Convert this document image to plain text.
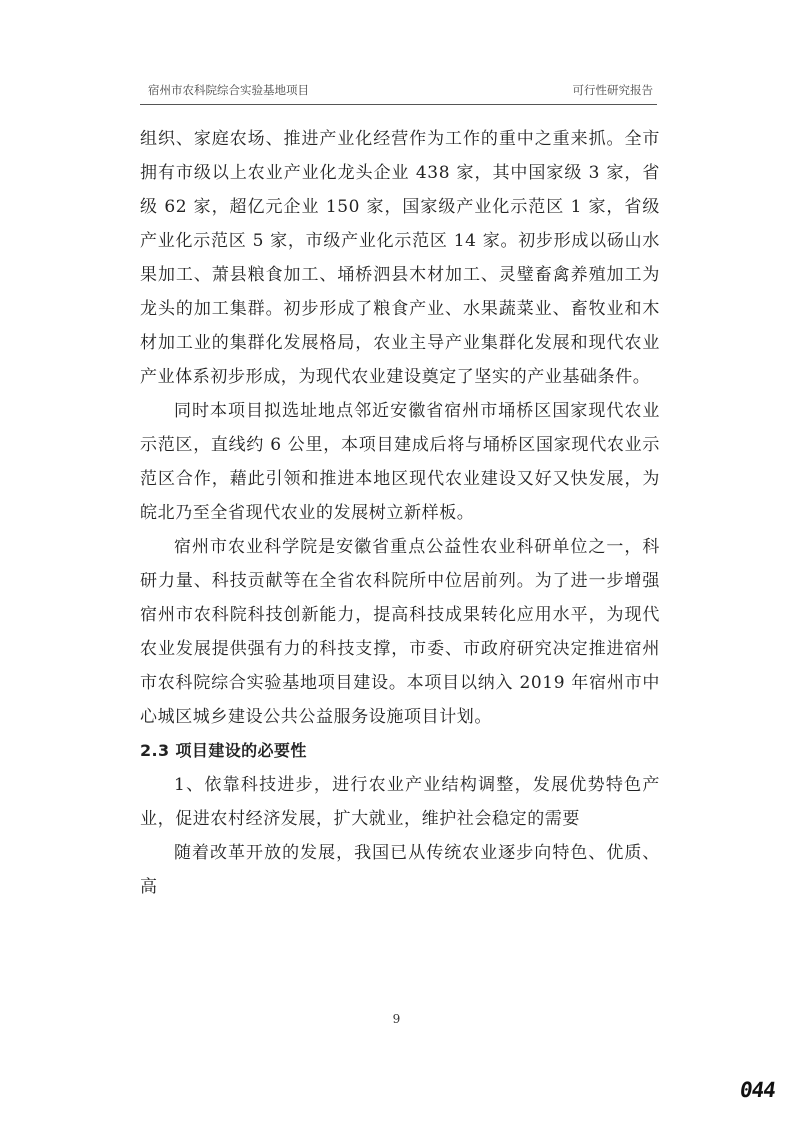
宿州市农科院综合实验基地项目	可行性研究报告

组织、家庭农场、推进产业化经营作为工作的重中之重来抓。全市拥有市级以上农业产业化龙头企业 438 家，其中国家级 3 家，省级 62 家，超亿元企业 150 家，国家级产业化示范区 1 家，省级产业化示范区 5 家，市级产业化示范区 14 家。初步形成以砀山水果加工、萧县粮食加工、埇桥泗县木材加工、灵璧畜禽养殖加工为龙头的加工集群。初步形成了粮食产业、水果蔬菜业、畜牧业和木材加工业的集群化发展格局，农业主导产业集群化发展和现代农业产业体系初步形成，为现代农业建设奠定了坚实的产业基础条件。

同时本项目拟选址地点邻近安徽省宿州市埇桥区国家现代农业示范区，直线约 6 公里，本项目建成后将与埇桥区国家现代农业示范区合作，藉此引领和推进本地区现代农业建设又好又快发展，为皖北乃至全省现代农业的发展树立新样板。

宿州市农业科学院是安徽省重点公益性农业科研单位之一，科研力量、科技贡献等在全省农科院所中位居前列。为了进一步增强宿州市农科院科技创新能力，提高科技成果转化应用水平，为现代农业发展提供强有力的科技支撑，市委、市政府研究决定推进宿州市农科院综合实验基地项目建设。本项目以纳入 2019 年宿州市中心城区城乡建设公共公益服务设施项目计划。

2.3 项目建设的必要性

1、依靠科技进步，进行农业产业结构调整，发展优势特色产业，促进农村经济发展，扩大就业，维护社会稳定的需要

随着改革开放的发展，我国已从传统农业逐步向特色、优质、高

9
044
